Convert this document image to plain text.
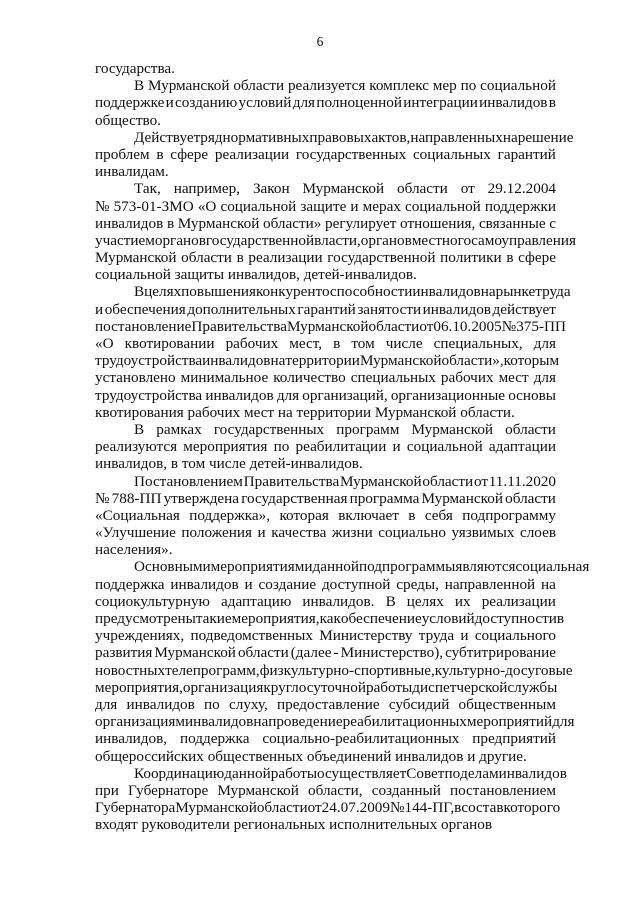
6
государства.
В Мурманской области реализуется комплекс мер по социальной
поддержке и созданию условий для полноценной интеграции инвалидов в
общество.
Действует ряд нормативных правовых актов, направленных на решение
проблем в сфере реализации государственных социальных гарантий
инвалидам.
Так, например, Закон Мурманской области от 29.12.2004
№ 573-01-ЗМО «О социальной защите и мерах социальной поддержки
инвалидов в Мурманской области» регулирует отношения, связанные с
участием органов государственной власти, органов местного самоуправления
Мурманской области в реализации государственной политики в сфере
социальной защиты инвалидов, детей-инвалидов.
В целях повышения конкурентоспособности инвалидов на рынке труда
и обеспечения дополнительных гарантий занятости инвалидов действует
постановление Правительства Мурманской области от 06.10.2005 № 375-ПП
«О квотировании рабочих мест, в том числе специальных, для
трудоустройства инвалидов на территории Мурманской области», которым
установлено минимальное количество специальных рабочих мест для
трудоустройства инвалидов для организаций, организационные основы
квотирования рабочих мест на территории Мурманской области.
В рамках государственных программ Мурманской области
реализуются мероприятия по реабилитации и социальной адаптации
инвалидов, в том числе детей-инвалидов.
Постановлением Правительства Мурманской области от 11.11.2020
№ 788-ПП утверждена государственная программа Мурманской области
«Социальная поддержка», которая включает в себя подпрограмму
«Улучшение положения и качества жизни социально уязвимых слоев
населения».
Основными мероприятиями данной подпрограммы являются социальная
поддержка инвалидов и создание доступной среды, направленной на
социокультурную адаптацию инвалидов. В целях их реализации
предусмотрены такие мероприятия, как обеспечение условий доступности в
учреждениях, подведомственных Министерству труда и социального
развития Мурманской области (далее - Министерство), субтитрирование
новостных телепрограмм, физкультурно-спортивные, культурно-досуговые
мероприятия, организация круглосуточной работы диспетчерской службы
для инвалидов по слуху, предоставление субсидий общественным
организациям инвалидов на проведение реабилитационных мероприятий для
инвалидов, поддержка социально-реабилитационных предприятий
общероссийских общественных объединений инвалидов и другие.
Координацию данной работы осуществляет Совет по делам инвалидов
при Губернаторе Мурманской области, созданный постановлением
Губернатора Мурманской области от 24.07.2009 № 144-ПГ, в состав которого
входят руководители региональных исполнительных органов
